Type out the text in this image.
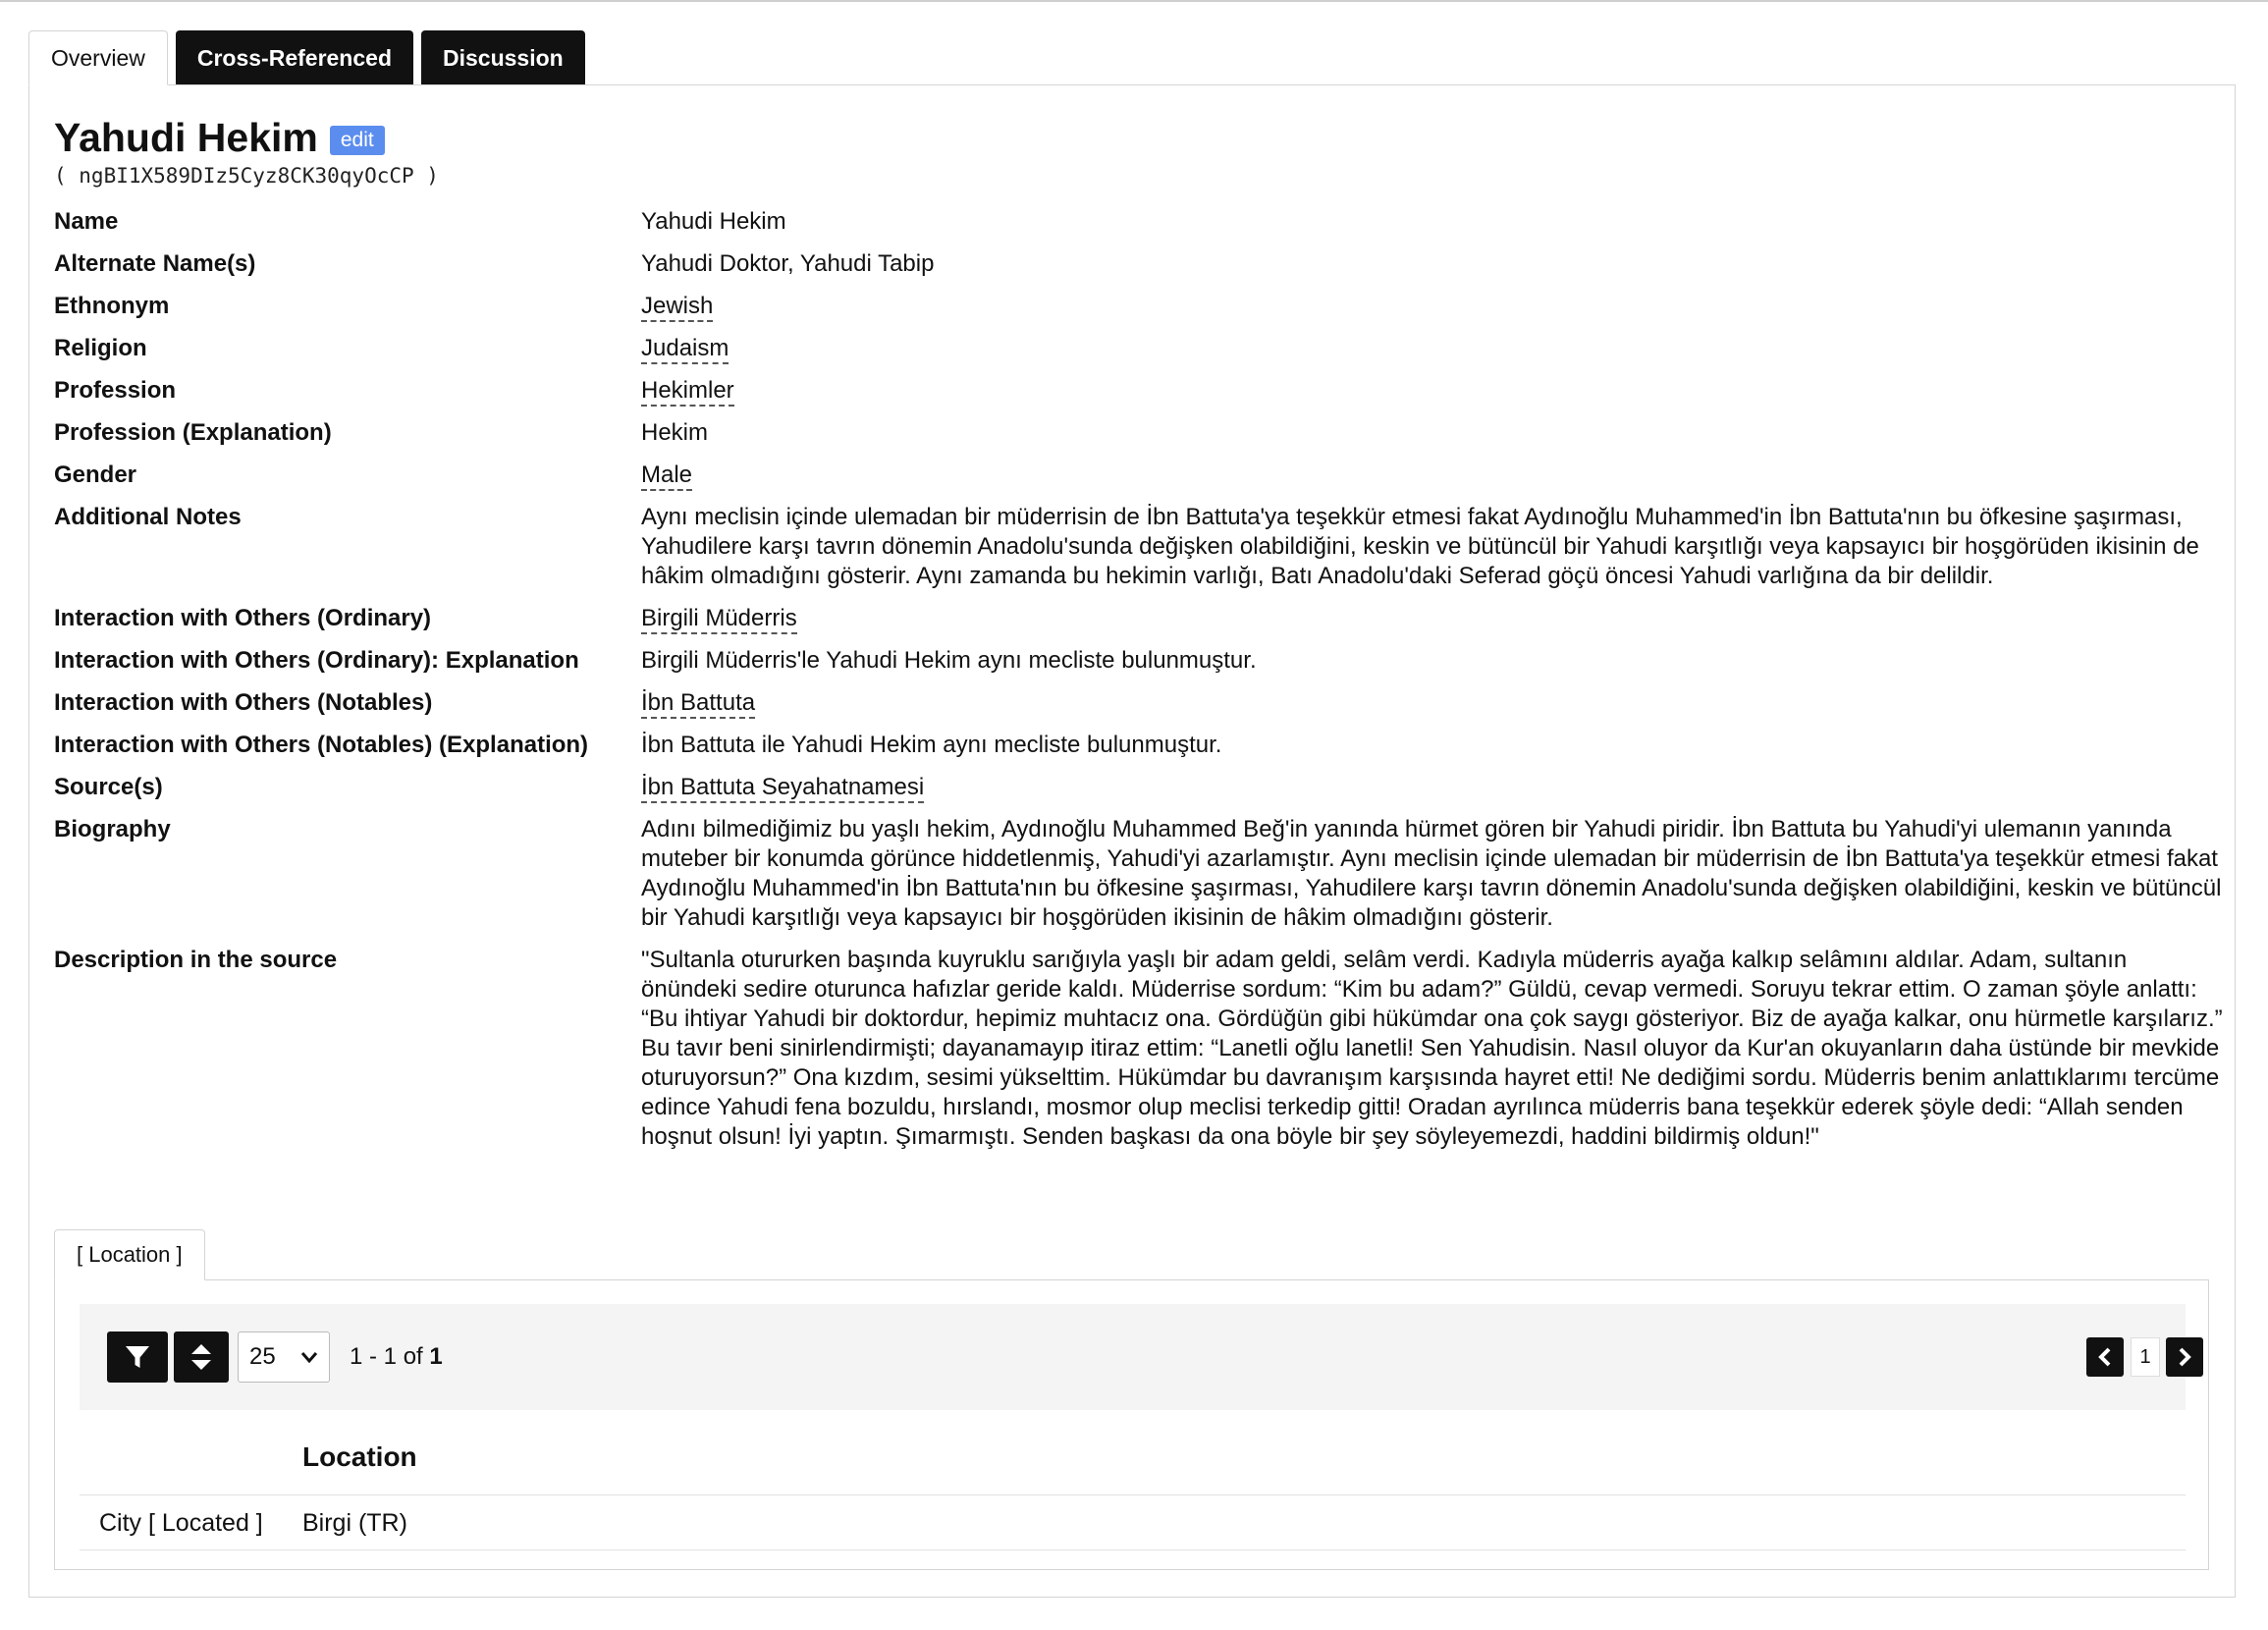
Overview	Cross-Referenced	Discussion
Yahudi Hekim	edit
( ngBI1X589DIz5Cyz8CK30qyOcCP )
Name	Yahudi Hekim
Alternate Name(s)	Yahudi Doktor, Yahudi Tabip
Ethnonym	Jewish
Religion	Judaism
Profession	Hekimler
Profession (Explanation)	Hekim
Gender	Male
Additional Notes	Aynı meclisin içinde ulemadan bir müderrisin de İbn Battuta'ya teşekkür etmesi fakat Aydınoğlu Muhammed'in İbn Battuta'nın bu öfkesine şaşırması, Yahudilere karşı tavrın dönemin Anadolu'sunda değişken olabildiğini, keskin ve bütüncül bir Yahudi karşıtlığı veya kapsayıcı bir hoşgörüden ikisinin de hâkim olmadığını gösterir. Aynı zamanda bu hekimin varlığı, Batı Anadolu'daki Seferad göçü öncesi Yahudi varlığına da bir delildir.
Interaction with Others (Ordinary)	Birgili Müderris
Interaction with Others (Ordinary): Explanation	Birgili Müderris'le Yahudi Hekim aynı mecliste bulunmuştur.
Interaction with Others (Notables)	İbn Battuta
Interaction with Others (Notables) (Explanation)	İbn Battuta ile Yahudi Hekim aynı mecliste bulunmuştur.
Source(s)	İbn Battuta Seyahatnamesi
Biography	Adını bilmediğimiz bu yaşlı hekim, Aydınoğlu Muhammed Beğ'in yanında hürmet gören bir Yahudi piridir. İbn Battuta bu Yahudi'yi ulemanın yanında muteber bir konumda görünce hiddetlenmiş, Yahudi'yi azarlamıştır. Aynı meclisin içinde ulemadan bir müderrisin de İbn Battuta'ya teşekkür etmesi fakat Aydınoğlu Muhammed'in İbn Battuta'nın bu öfkesine şaşırması, Yahudilere karşı tavrın dönemin Anadolu'sunda değişken olabildiğini, keskin ve bütüncül bir Yahudi karşıtlığı veya kapsayıcı bir hoşgörüden ikisinin de hâkim olmadığını gösterir.
Description in the source	"Sultanla otururken başında kuyruklu sarığıyla yaşlı bir adam geldi, selâm verdi. Kadıyla müderris ayağa kalkıp selâmını aldılar. Adam, sultanın önündeki sedire oturunca hafızlar geride kaldı. Müderrise sordum: “Kim bu adam?” Güldü, cevap vermedi. Soruyu tekrar ettim. O zaman şöyle anlattı: “Bu ihtiyar Yahudi bir doktordur, hepimiz muhtacız ona. Gördüğün gibi hükümdar ona çok saygı gösteriyor. Biz de ayağa kalkar, onu hürmetle karşılarız.” Bu tavır beni sinirlendirmişti; dayanamayıp itiraz ettim: “Lanetli oğlu lanetli! Sen Yahudisin. Nasıl oluyor da Kur'an okuyanların daha üstünde bir mevkide oturuyorsun?” Ona kızdım, sesimi yükselttim. Hükümdar bu davranışım karşısında hayret etti! Ne dediğimi sordu. Müderris benim anlattıklarımı tercüme edince Yahudi fena bozuldu, hırslandı, mosmor olup meclisi terkedip gitti! Oradan ayrılınca müderris bana teşekkür ederek şöyle dedi: “Allah senden hoşnut olsun! İyi yaptın. Şımarmıştı. Senden başkası da ona böyle bir şey söyleyemezdi, haddini bildirmiş oldun!"
[ Location ]
25	1 - 1 of 1	1
Location
City [ Located ] Birgi (TR)
